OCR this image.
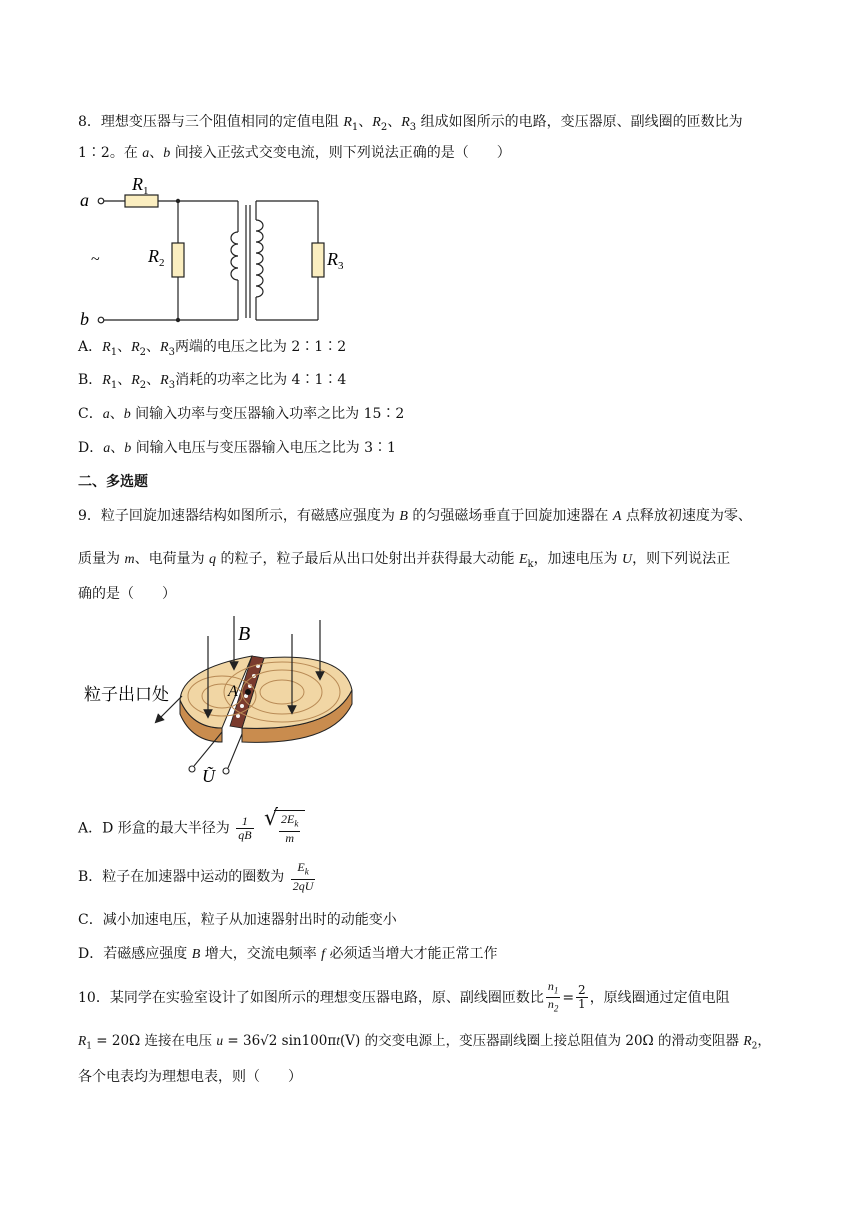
8．理想变压器与三个阻值相同的定值电阻 $R_1$、$R_2$、$R_3$ 组成如图所示的电路，变压器原、副线圈的匝数比为
1∶2。在 a、b 间接入正弦式交变电流，则下列说法正确的是（　　）
a
b
~
$R_1$
$R_2$	$R_3$
A．$R_1$、$R_2$、$R_3$两端的电压之比为 2∶1∶2
B．$R_1$、$R_2$、$R_3$消耗的功率之比为 4∶1∶4
C．a、b 间输入功率与变压器输入功率之比为 15∶2
D．a、b 间输入电压与变压器输入电压之比为 3∶1
二、多选题
9．粒子回旋加速器结构如图所示，有磁感应强度为 B 的匀强磁场垂直于回旋加速器在 A 点释放初速度为零、
质量为 m、电荷量为 q 的粒子，粒子最后从出口处射出并获得最大动能 $E_k$，加速电压为 U，则下列说法正
确的是（　　）
B
A
粒子出口处
Ũ
A．D 形盒的最大半径为 $\frac{1}{qB}$

√ $\frac{2E_k}{m}$
B．粒子在加速器中运动的圈数为 $\frac{E_k}{2qU}$
C．减小加速电压，粒子从加速器射出时的动能变小
D．若磁感应强度 B 增大，交流电频率 f 必须适当增大才能正常工作
10．某同学在实验室设计了如图所示的理想变压器电路，原、副线圈匝数比 $\frac{n_1}{n_2} = \frac{2}{1}$ ，原线圈通过定值电阻
$R_1 = 20\Omega$ 连接在电压 u = 36√2 sin100πt(V) 的交变电源上，变压器副线圈上接总阻值为 20Ω 的滑动变阻器 $R_2$，
各个电表均为理想电表，则（　　）
